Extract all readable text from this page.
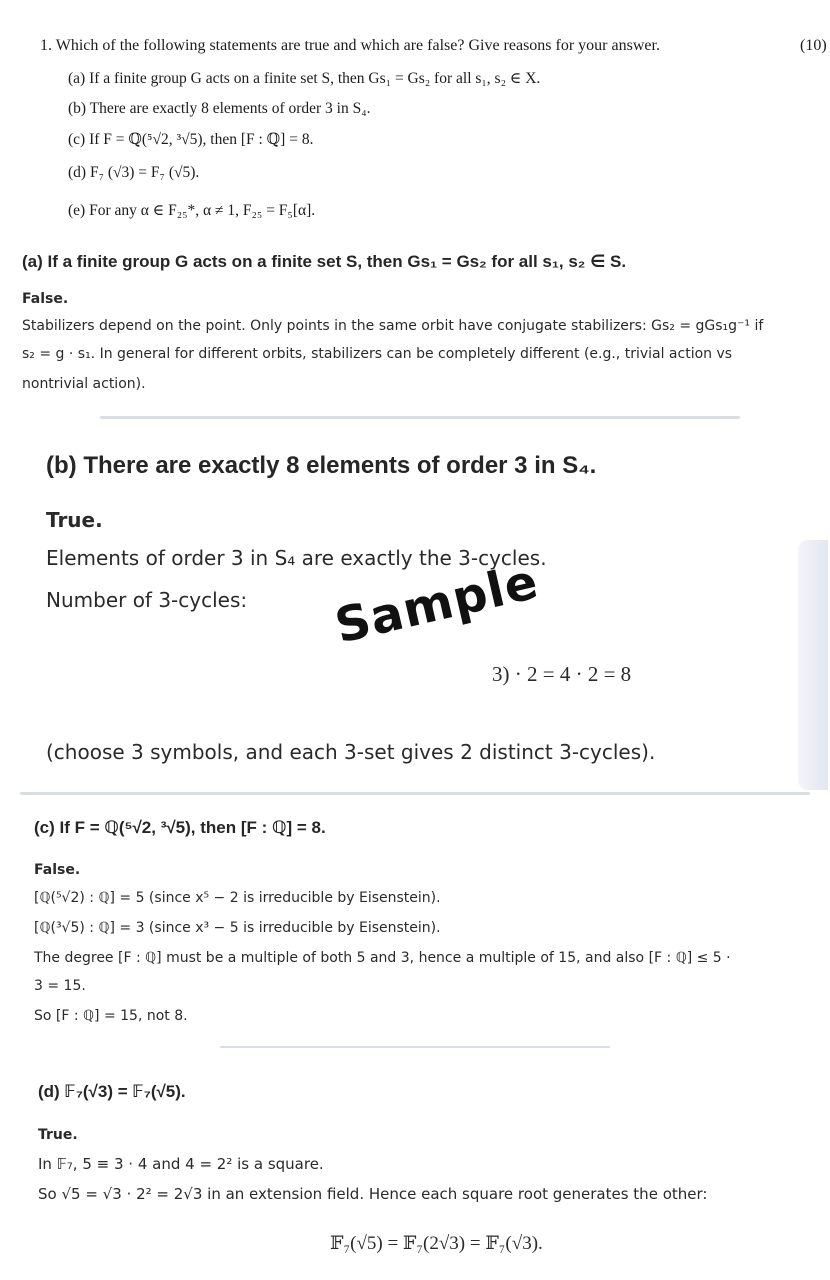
1. Which of the following statements are true and which are false? Give reasons for your answer.	(10)
(a) If a finite group G acts on a finite set S, then Gs₁ = Gs₂ for all s₁, s₂ ∈ X.
(b) There are exactly 8 elements of order 3 in S₄.
(c) If F = ℚ(⁵√2, ³√5), then [F : ℚ] = 8.
(d) F₇ (√3) = F₇ (√5).
(e) For any α ∈ F₂₅*, α ≠ 1, F₂₅ = F₅[α].
(a) If a finite group G acts on a finite set S, then Gs₁ = Gs₂ for all s₁, s₂ ∈ S.
False.
Stabilizers depend on the point. Only points in the same orbit have conjugate stabilizers: Gs₂ = gGs₁g⁻¹ if
s₂ = g · s₁. In general for different orbits, stabilizers can be completely different (e.g., trivial action vs
nontrivial action).
(b) There are exactly 8 elements of order 3 in S₄.
True.
Elements of order 3 in S₄ are exactly the 3-cycles.
Number of 3-cycles:
3) · 2 = 4 · 2 = 8
(choose 3 symbols, and each 3-set gives 2 distinct 3-cycles).
(c) If F = ℚ(⁵√2, ³√5), then [F : ℚ] = 8.
False.
[ℚ(⁵√2) : ℚ] = 5 (since x⁵ − 2 is irreducible by Eisenstein).
[ℚ(³√5) : ℚ] = 3 (since x³ − 5 is irreducible by Eisenstein).
The degree [F : ℚ] must be a multiple of both 5 and 3, hence a multiple of 15, and also [F : ℚ] ≤ 5 ·
3 = 15.
So [F : ℚ] = 15, not 8.
(d) 𝔽₇(√3) = 𝔽₇(√5).
True.
In 𝔽₇, 5 ≡ 3 · 4 and 4 = 2² is a square.
So √5 = √3 · 2² = 2√3 in an extension field. Hence each square root generates the other:
𝔽₇(√5) = 𝔽₇(2√3) = 𝔽₇(√3).
Sample
